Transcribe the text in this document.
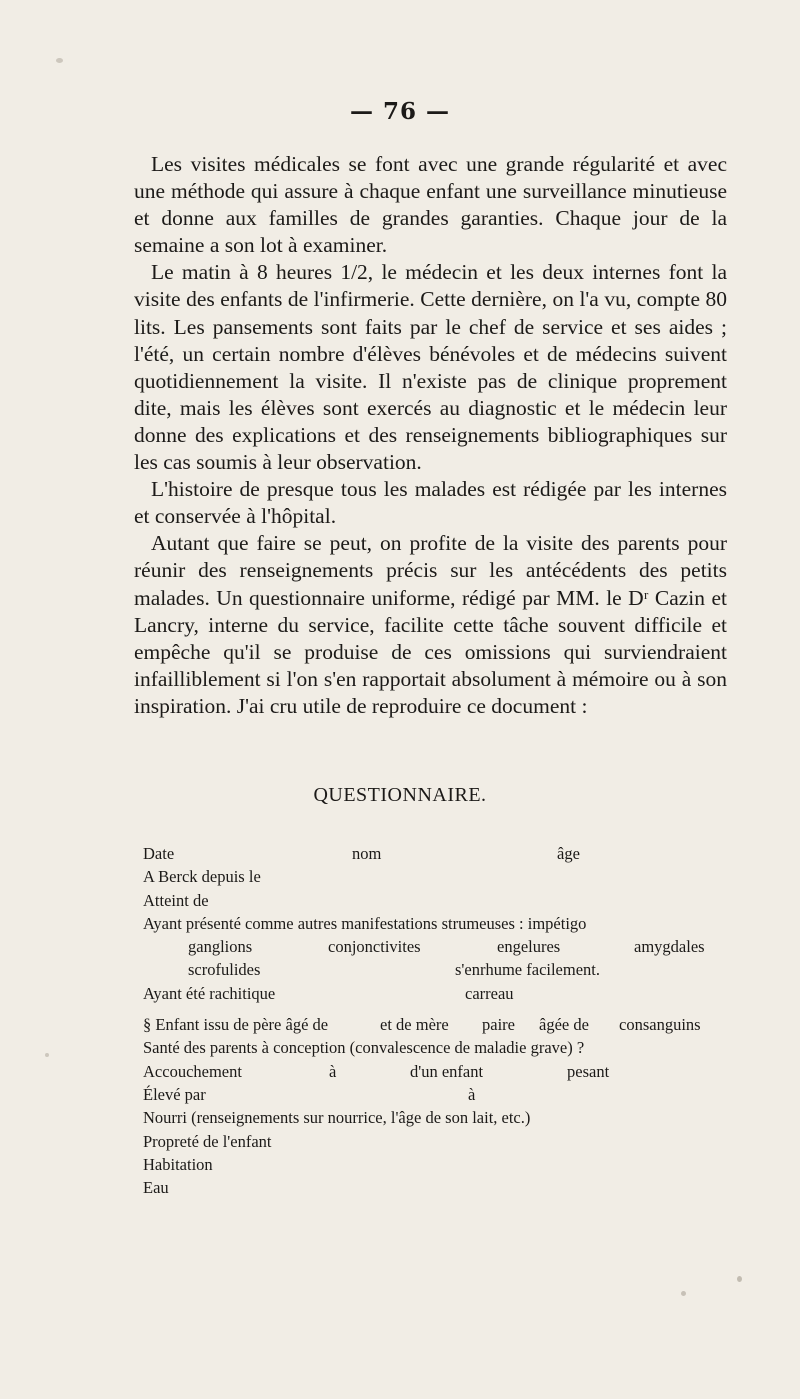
— 76 —

Les visites médicales se font avec une grande régularité et avec une méthode qui assure à chaque enfant une surveillance minutieuse et donne aux familles de grandes garanties. Chaque jour de la semaine a son lot à examiner.

Le matin à 8 heures 1/2, le médecin et les deux internes font la visite des enfants de l'infirmerie. Cette dernière, on l'a vu, compte 80 lits. Les pansements sont faits par le chef de service et ses aides ; l'été, un certain nombre d'élèves bénévoles et de médecins suivent quotidiennement la visite. Il n'existe pas de clinique proprement dite, mais les élèves sont exercés au diagnostic et le médecin leur donne des explications et des renseignements bibliographiques sur les cas soumis à leur observation.

L'histoire de presque tous les malades est rédigée par les internes et conservée à l'hôpital.

Autant que faire se peut, on profite de la visite des parents pour réunir des renseignements précis sur les antécédents des petits malades. Un questionnaire uniforme, rédigé par MM. le Dʳ Cazin et Lancry, interne du service, facilite cette tâche souvent difficile et empêche qu'il se produise de ces omissions qui surviendraient infailliblement si l'on s'en rapportait absolument à mémoire ou à son inspiration. J'ai cru utile de reproduire ce document :

QUESTIONNAIRE.
Date	nom	âge
A Berck depuis le
Atteint de
Ayant présenté comme autres manifestations strumeuses : impétigo
ganglions	conjonctivites	engelures	amygdales
scrofulides	s'enrhume facilement.
Ayant été rachitique	carreau
§ Enfant issu de père âgé de	et de mère paire âgée de consanguins
Santé des parents à conception (convalescence de maladie grave) ?
Accouchement	à	d'un enfant	pesant
Élevé par	à
Nourri (renseignements sur nourrice, l'âge de son lait, etc.)
Propreté de l'enfant
Habitation
Eau
